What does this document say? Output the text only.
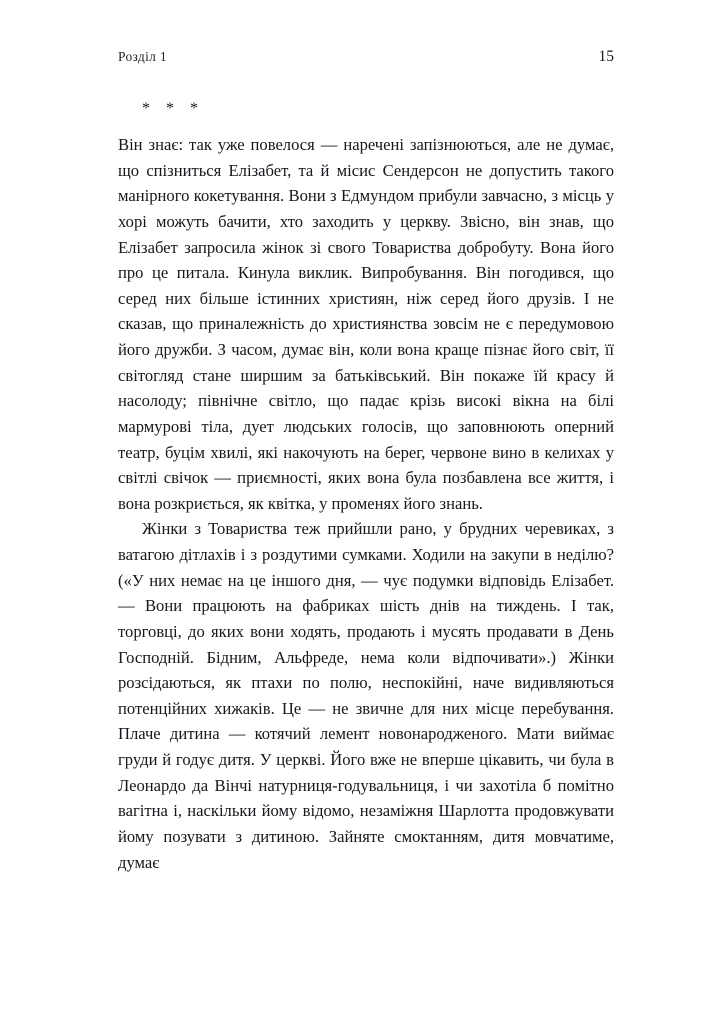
Розділ 1	15
* * *

Він знає: так уже повелося — наречені запізнюються, але не думає, що спізниться Елізабет, та й місис Сендерсон не допустить такого манірного кокетування. Вони з Едмундом прибули завчасно, з місць у хорі можуть бачити, хто заходить у церкву. Звісно, він знав, що Елізабет запросила жінок зі свого Товариства добробуту. Вона його про це питала. Кинула виклик. Випробування. Він погодився, що серед них більше істинних християн, ніж серед його друзів. І не сказав, що приналежність до християнства зовсім не є передумовою його дружби. З часом, думає він, коли вона краще пізнає його світ, її світогляд стане ширшим за батьківський. Він покаже їй красу й насолоду; північне світло, що падає крізь високі вікна на білі мармурові тіла, дует людських голосів, що заповнюють оперний театр, буцім хвилі, які накочують на берег, червоне вино в келихах у світлі свічок — приємності, яких вона була позбавлена все життя, і вона розкриється, як квітка, у променях його знань.

Жінки з Товариства теж прийшли рано, у брудних черевиках, з ватагою дітлахів і з роздутими сумками. Ходили на закупи в неділю? («У них немає на це іншого дня, — чує подумки відповідь Елізабет. — Вони працюють на фабриках шість днів на тиждень. І так, торговці, до яких вони ходять, продають і мусять продавати в День Господній. Бідним, Альфреде, нема коли відпочивати».) Жінки розсідаються, як птахи по полю, неспокійні, наче видивляються потенційних хижаків. Це — не звичне для них місце перебування. Плаче дитина — котячий лемент новонародженого. Мати виймає груди й годує дитя. У церкві. Його вже не вперше цікавить, чи була в Леонардо да Вінчі натурниця-годувальниця, і чи захотіла б помітно вагітна і, наскільки йому відомо, незаміжня Шарлотта продовжувати йому позувати з дитиною. Зайняте смоктанням, дитя мовчатиме, думає
